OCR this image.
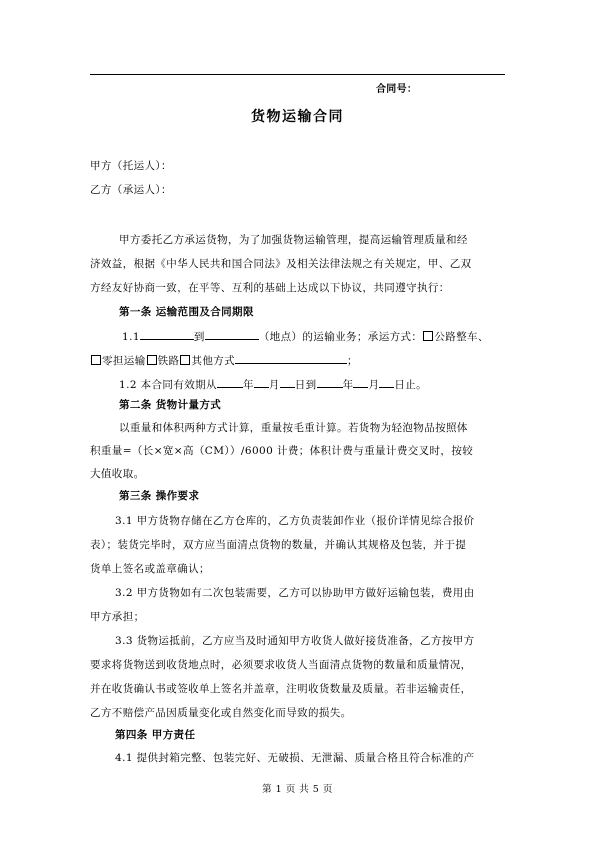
合同号：
货物运输合同
甲方（托运人）：
乙方（承运人）：
甲方委托乙方承运货物，为了加强货物运输管理，提高运输管理质量和经
济效益，根据《中华人民共和国合同法》及相关法律法规之有关规定，甲、乙双
方经友好协商一致，在平等、互利的基础上达成以下协议，共同遵守执行：
第一条 运输范围及合同期限
1.1	到	（地点）的运输业务；承运方式： 公路整车、
零担运输 铁路 其他方式	；
1.2 本合同有效期从 年 月 日到 年 月 日止。
第二条 货物计量方式
以重量和体积两种方式计算，重量按毛重计算。若货物为轻泡物品按照体
积重量=（长×宽×高（CM））/6000 计费；体积计费与重量计费交叉时，按较
大值收取。
第三条 操作要求
3.1 甲方货物存储在乙方仓库的，乙方负责装卸作业（报价详情见综合报价
表）；装货完毕时，双方应当面清点货物的数量，并确认其规格及包装，并于提
货单上签名或盖章确认；
3.2 甲方货物如有二次包装需要，乙方可以协助甲方做好运输包装，费用由
甲方承担；
3.3 货物运抵前，乙方应当及时通知甲方收货人做好接货准备，乙方按甲方
要求将货物送到收货地点时，必须要求收货人当面清点货物的数量和质量情况，
并在收货确认书或签收单上签名并盖章，注明收货数量及质量。若非运输责任，
乙方不赔偿产品因质量变化或自然变化而导致的损失。
第四条 甲方责任
4.1 提供封箱完整、包装完好、无破损、无泄漏、质量合格且符合标准的产
第 1 页 共 5 页
